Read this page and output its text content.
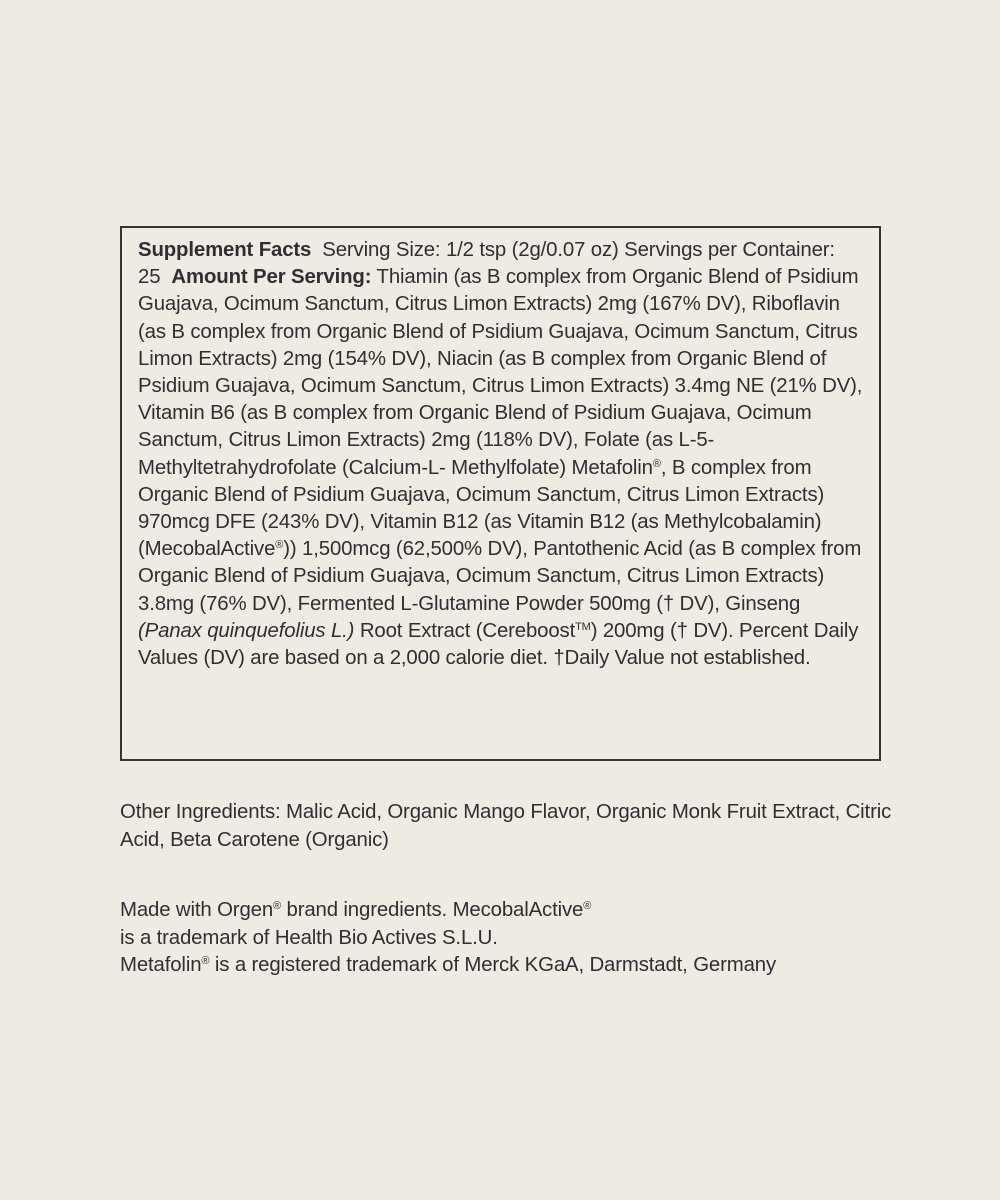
Supplement Facts Serving Size: 1/2 tsp (2g/0.07 oz) Servings per Container: 25 Amount Per Serving: Thiamin (as B complex from Organic Blend of Psidium Guajava, Ocimum Sanctum, Citrus Limon Extracts) 2mg (167% DV), Riboflavin (as B complex from Organic Blend of Psidium Guajava, Ocimum Sanctum, Citrus Limon Extracts) 2mg (154% DV), Niacin (as B complex from Organic Blend of Psidium Guajava, Ocimum Sanctum, Citrus Limon Extracts) 3.4mg NE (21% DV), Vitamin B6 (as B complex from Organic Blend of Psidium Guajava, Ocimum Sanctum, Citrus Limon Extracts) 2mg (118% DV), Folate (as L-5-Methyltetrahydrofolate (Calcium-L- Methylfolate) Metafolin®, B complex from Organic Blend of Psidium Guajava, Ocimum Sanctum, Citrus Limon Extracts) 970mcg DFE (243% DV), Vitamin B12 (as Vitamin B12 (as Methylcobalamin) (MecobalActive®)) 1,500mcg (62,500% DV), Pantothenic Acid (as B complex from Organic Blend of Psidium Guajava, Ocimum Sanctum, Citrus Limon Extracts) 3.8mg (76% DV), Fermented L-Glutamine Powder 500mg († DV), Ginseng (Panax quinquefolius L.) Root Extract (Cereboost™) 200mg († DV). Percent Daily Values (DV) are based on a 2,000 calorie diet. †Daily Value not established.

Other Ingredients: Malic Acid, Organic Mango Flavor, Organic Monk Fruit Extract, Citric Acid, Beta Carotene (Organic)

Made with Orgen® brand ingredients. MecobalActive®
is a trademark of Health Bio Actives S.L.U.
Metafolin® is a registered trademark of Merck KGaA, Darmstadt, Germany
